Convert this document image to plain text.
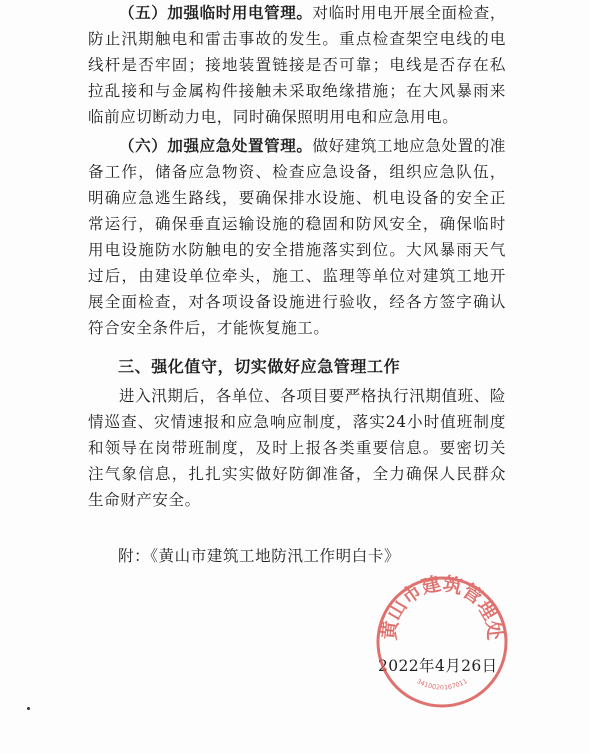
（五）加强临时用电管理。对临时用电开展全面检查，防止汛期触电和雷击事故的发生。重点检查架空电线的电线杆是否牢固；接地装置链接是否可靠；电线是否存在私拉乱接和与金属构件接触未采取绝缘措施；在大风暴雨来临前应切断动力电，同时确保照明用电和应急用电。
（六）加强应急处置管理。做好建筑工地应急处置的准备工作，储备应急物资、检查应急设备，组织应急队伍，明确应急逃生路线，要确保排水设施、机电设备的安全正常运行，确保垂直运输设施的稳固和防风安全，确保临时用电设施防水防触电的安全措施落实到位。大风暴雨天气过后，由建设单位牵头，施工、监理等单位对建筑工地开展全面检查，对各项设备设施进行验收，经各方签字确认符合安全条件后，才能恢复施工。
三、强化值守，切实做好应急管理工作
进入汛期后，各单位、各项目要严格执行汛期值班、险情巡查、灾情速报和应急响应制度，落实24小时值班制度和领导在岗带班制度，及时上报各类重要信息。要密切关注气象信息，扎扎实实做好防御准备，全力确保人民群众生命财产安全。
附：《黄山市建筑工地防汛工作明白卡》
2022年4月26日
黄山市建筑管理处
3410020167011
